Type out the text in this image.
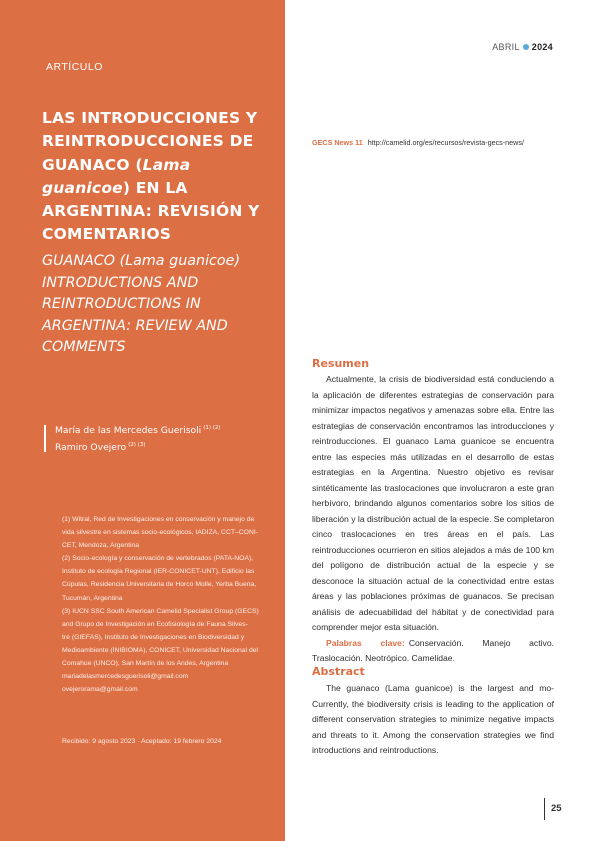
ARTÍCULO
LAS INTRODUCCIONES Y REINTRODUCCIONES DE GUANACO (Lama guanicoe) EN LA ARGENTINA: REVISIÓN Y COMENTARIOS
GUANACO (Lama guanicoe) INTRODUCTIONS AND REINTRODUCTIONS IN ARGENTINA: REVIEW AND COMMENTS
María de las Mercedes Guerisoli $^{(1) (2)}$
Ramiro Ovejero $^{(2) (3)}$
(1) Witral, Red de Investigaciones en conservación y manejo de
vida silvestre en sistemas socio-ecológicos, IADIZA, CCT–CONI-
CET, Mendoza, Argentina
(2) Socio-ecología y conservación de vertebrados (PATA-NOA),
Instituto de ecología Regional (IER-CONICET-UNT), Edificio las
Cúpulas, Residencia Universitaria de Horco Molle, Yerba Buena,
Tucumán, Argentina
(3) IUCN SSC South American Camelid Specialist Group (GECS)
and Grupo de Investigación en Ecofisiología de Fauna Silves-
tre (GIEFAS), Instituto de Investigaciones en Biodiversidad y
Medioambiente (INIBIOMA), CONICET, Universidad Nacional del
Comahue (UNCO), San Martín de los Andes, Argentina
mariadelasmercedesguerisoli@gmail.com
ovejerorama@gmail.com
Recibido: 9 agosto 2023 · Aceptado: 19 febrero 2024
ABRIL 2024
GECS News 11 http://camelid.org/es/recursos/revista-gecs-news/
Resumen

Actualmente, la crisis de biodiversidad está conduciendo a la aplicación de diferentes estrategias de conservación para minimizar impactos negativos y amenazas sobre ella. Entre las estrategias de conservación encontramos las introducciones y reintroducciones. El guanaco Lama guanicoe se encuentra entre las especies más utilizadas en el desarrollo de estas estrategias en la Argentina. Nuestro objetivo es revisar sintéticamente las traslocaciones que involucraron a este gran herbívoro, brindando algunos comentarios sobre los sitios de liberación y la distribución actual de la especie. Se completaron cinco traslocaciones en tres áreas en el país. Las reintroducciones ocurrieron en sitios alejados a más de 100 km del polígono de distribución actual de la especie y se desconoce la situación actual de la conectividad entre estas áreas y las poblaciones próximas de guanacos. Se precisan análisis de adecuabilidad del hábitat y de conectividad para comprender mejor esta situación.

Palabras clave: Conservación. Manejo activo. Traslocación. Neotrópico. Camelidae.

Abstract

The guanaco (Lama guanicoe) is the largest and mo- Currently, the biodiversity crisis is leading to the application of different conservation strategies to minimize negative impacts and threats to it. Among the conservation strategies we find introductions and reintroductions.

25
